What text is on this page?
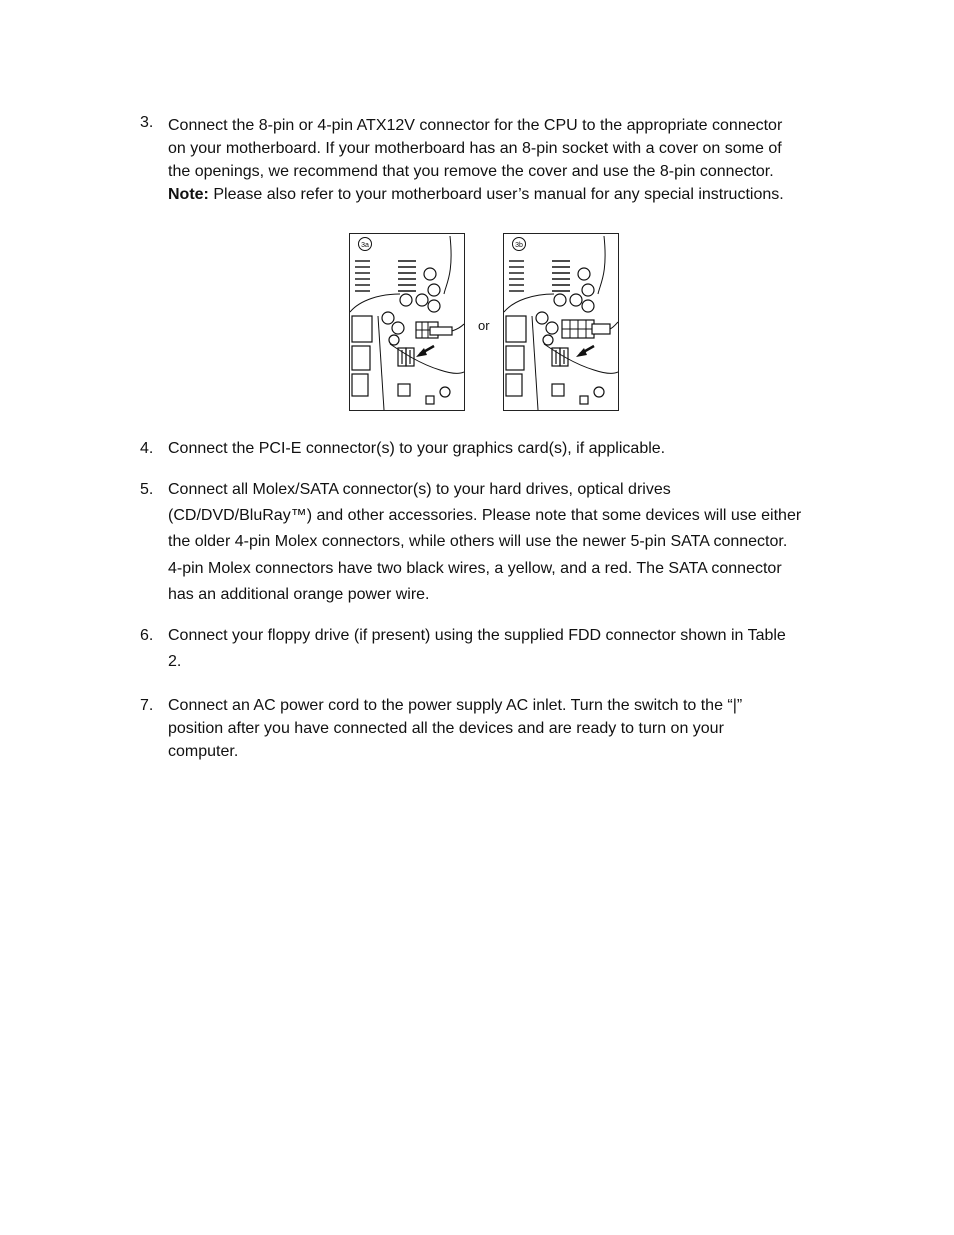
3. Connect the 8-pin or 4-pin ATX12V connector for the CPU to the appropriate connector
on your motherboard. If your motherboard has an 8-pin socket with a cover on some of
the openings, we recommend that you remove the cover and use the 8-pin connector.
Note: Please also refer to your motherboard user’s manual for any special instructions.
3a
or
3b
4. Connect the PCI-E connector(s) to your graphics card(s), if applicable.
5. Connect all Molex/SATA connector(s) to your hard drives, optical drives
(CD/DVD/BluRay™) and other accessories. Please note that some devices will use either
the older 4-pin Molex connectors, while others will use the newer 5-pin SATA connector.
4-pin Molex connectors have two black wires, a yellow, and a red. The SATA connector
has an additional orange power wire.
6. Connect your floppy drive (if present) using the supplied FDD connector shown in Table
2.
7. Connect an AC power cord to the power supply AC inlet. Turn the switch to the “|”
position after you have connected all the devices and are ready to turn on your
computer.
